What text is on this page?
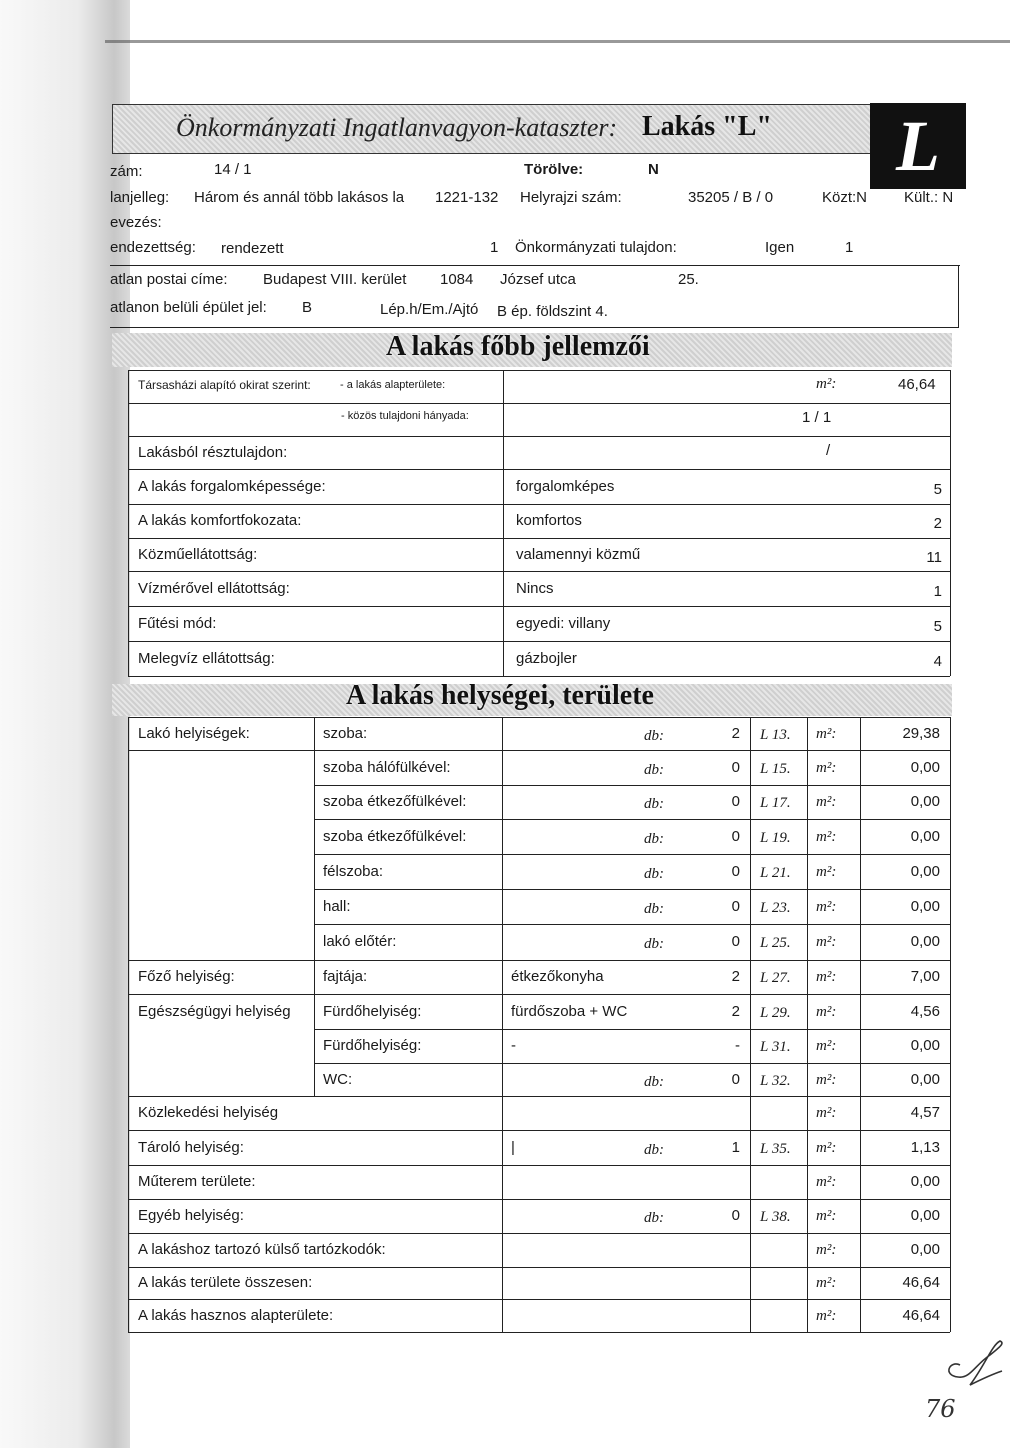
Önkormányzati Ingatlanvagyon-kataszter: Lakás "L"	L
zám:	14 / 1	Törölve:	N
lanjelleg: Három és annál több lakásos la 1221-132 Helyrajzi szám:	35205 / B / 0	Közt:N Kült.: N
evezés:
endezettség: rendezett	1 Önkormányzati tulajdon:	Igen	1
atlan postai címe: Budapest VIII. kerület 1084 József utca	25.
atlanon belüli épület jel: B	Lép.h/Em./Ajtó B ép. földszint 4.
A lakás főbb jellemzői
Társasházi alapító okirat szerint:	- a lakás alapterülete:	m²:	46,64
- közös tulajdoni hányada:	1 / 1
Lakásból résztulajdon:	/
A lakás forgalomképessége:	forgalomképes	5
A lakás komfortfokozata:	komfortos	2
Közműellátottság:	valamennyi közmű	11
Vízmérővel ellátottság:	Nincs	1
Fűtési mód:	egyedi: villany	5
Melegvíz ellátottság:	gázbojler	4
A lakás helységei, területe
Lakó helyiségek:	szoba:	db:	2 L 13. m²:	29,38
szoba hálófülkével:	db:	0 L 15. m²:	0,00
szoba étkezőfülkével:	db:	0 L 17. m²:	0,00
szoba étkezőfülkével:	db:	0 L 19. m²:	0,00
félszoba:	db:	0 L 21. m²:	0,00
hall:	db:	0 L 23. m²:	0,00
lakó előtér:	db:	0 L 25. m²:	0,00
Főző helyiség:	fajtája:	étkezőkonyha	2 L 27. m²:	7,00
Egészségügyi helyiség Fürdőhelyiség:	fürdőszoba + WC	2 L 29. m²:	4,56
Fürdőhelyiség:	-	- L 31. m²:	0,00
WC:	db:	0 L 32. m²:	0,00
Közlekedési helyiség	m²:	4,57
Tároló helyiség:	|	db:	1 L 35. m²:	1,13
Műterem területe:	m²:	0,00
Egyéb helyiség:	db:	0 L 38. m²:	0,00
A lakáshoz tartozó külső tartózkodók:	m²:	0,00
A lakás területe összesen:	m²:	46,64
A lakás hasznos alapterülete:	m²:	46,64
76
